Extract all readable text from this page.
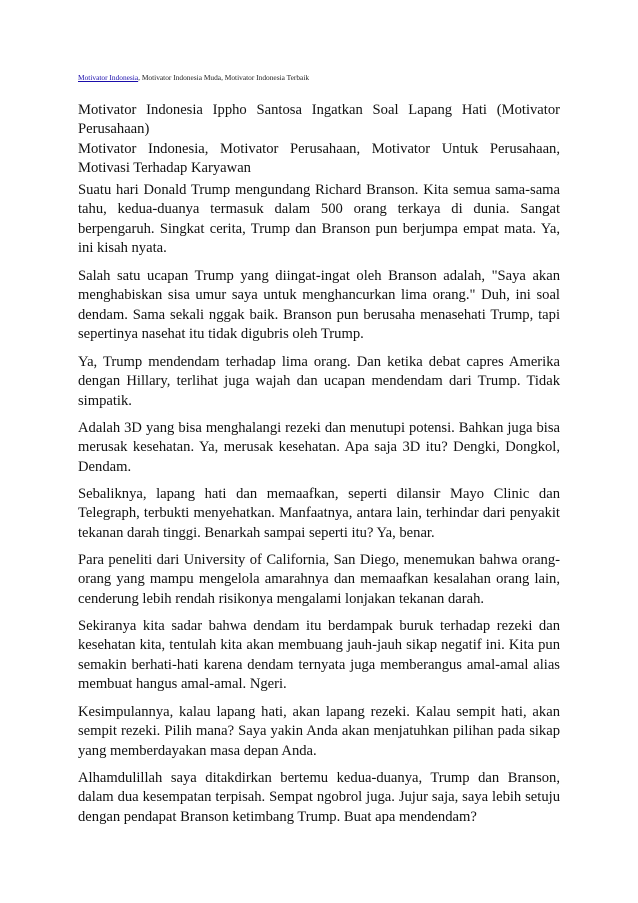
Motivator Indonesia, Motivator Indonesia Muda, Motivator Indonesia Terbaik

Motivator Indonesia Ippho Santosa Ingatkan Soal Lapang Hati (Motivator Perusahaan)

Motivator Indonesia, Motivator Perusahaan, Motivator Untuk Perusahaan, Motivasi Terhadap Karyawan

Suatu hari Donald Trump mengundang Richard Branson. Kita semua sama-sama tahu, kedua-duanya termasuk dalam 500 orang terkaya di dunia. Sangat berpengaruh. Singkat cerita, Trump dan Branson pun berjumpa empat mata. Ya, ini kisah nyata.

Salah satu ucapan Trump yang diingat-ingat oleh Branson adalah, "Saya akan menghabiskan sisa umur saya untuk menghancurkan lima orang." Duh, ini soal dendam. Sama sekali nggak baik. Branson pun berusaha menasehati Trump, tapi sepertinya nasehat itu tidak digubris oleh Trump.

Ya, Trump mendendam terhadap lima orang. Dan ketika debat capres Amerika dengan Hillary, terlihat juga wajah dan ucapan mendendam dari Trump. Tidak simpatik.

Adalah 3D yang bisa menghalangi rezeki dan menutupi potensi. Bahkan juga bisa merusak kesehatan. Ya, merusak kesehatan. Apa saja 3D itu? Dengki, Dongkol, Dendam.

Sebaliknya, lapang hati dan memaafkan, seperti dilansir Mayo Clinic dan Telegraph, terbukti menyehatkan. Manfaatnya, antara lain, terhindar dari penyakit tekanan darah tinggi. Benarkah sampai seperti itu? Ya, benar.

Para peneliti dari University of California, San Diego, menemukan bahwa orang-orang yang mampu mengelola amarahnya dan memaafkan kesalahan orang lain, cenderung lebih rendah risikonya mengalami lonjakan tekanan darah.

Sekiranya kita sadar bahwa dendam itu berdampak buruk terhadap rezeki dan kesehatan kita, tentulah kita akan membuang jauh-jauh sikap negatif ini. Kita pun semakin berhati-hati karena dendam ternyata juga memberangus amal-amal alias membuat hangus amal-amal. Ngeri.

Kesimpulannya, kalau lapang hati, akan lapang rezeki. Kalau sempit hati, akan sempit rezeki. Pilih mana? Saya yakin Anda akan menjatuhkan pilihan pada sikap yang memberdayakan masa depan Anda.

Alhamdulillah saya ditakdirkan bertemu kedua-duanya, Trump dan Branson, dalam dua kesempatan terpisah. Sempat ngobrol juga. Jujur saja, saya lebih setuju dengan pendapat Branson ketimbang Trump. Buat apa mendendam?
